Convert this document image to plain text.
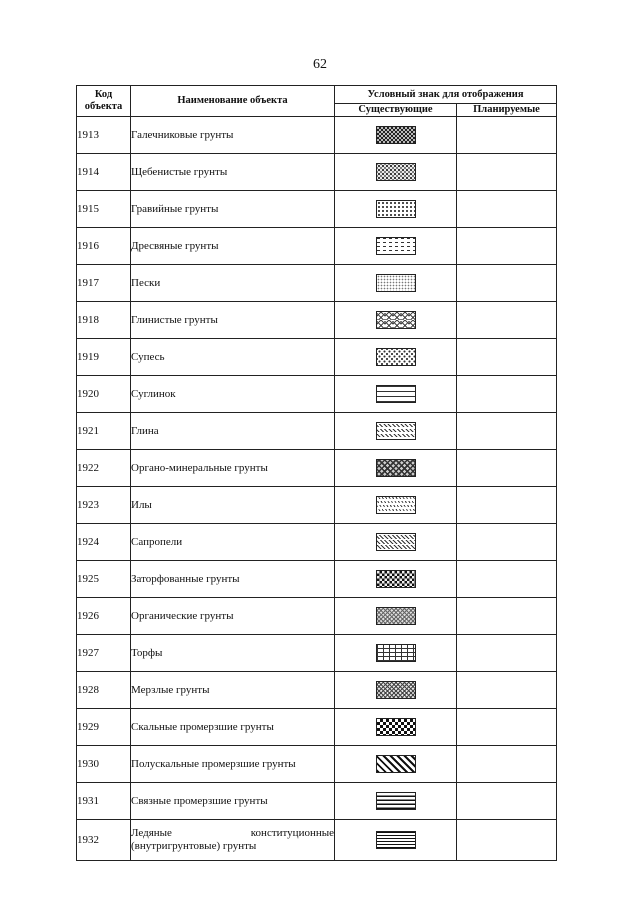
62
Код объекта	Наименование объекта	Условный знак для отображения	
		Существующие	Планируемые
1913	Галечниковые грунты		
1914	Щебенистые грунты		
1915	Гравийные грунты		
1916	Дресвяные грунты		
1917	Пески		
1918	Глинистые грунты		
1919	Супесь		
1920	Суглинок		
1921	Глина		
1922	Органо-минеральные грунты		
1923	Илы		
1924	Сапропели		
1925	Заторфованные грунты		
1926	Органические грунты		
1927	Торфы		
1928	Мерзлые грунты		
1929	Скальные промерзшие грунты		
1930	Полускальные промерзшие грунты		
1931	Связные промерзшие грунты		
1932	Ледяные конституционные (внутригрунтовые) грунты		
